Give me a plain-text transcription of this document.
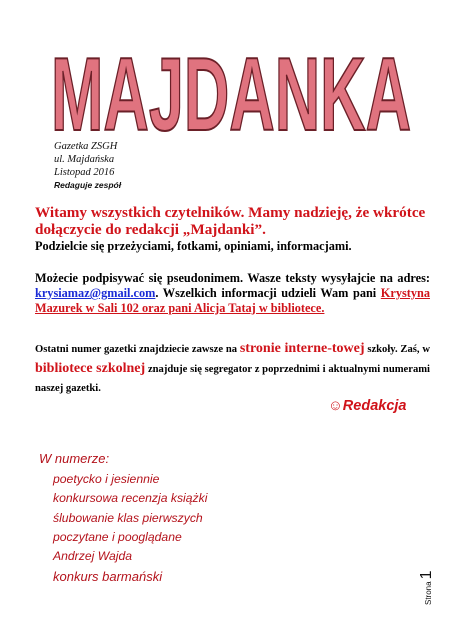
MAJDANKA
Gazetka ZSGH
ul. Majdańska
Listopad 2016
Redaguje zespół
Witamy wszystkich czytelników. Mamy nadzieję, że wkrótce dołączycie do redakcji „Majdanki”.
Podzielcie się przeżyciami, fotkami, opiniami, informacjami.
Możecie podpisywać się pseudonimem. Wasze teksty wysyłajcie na adres: krysiamaz@gmail.com. Wszelkich informacji udzieli Wam pani Krystyna Mazurek w Sali 102 oraz pani Alicja Tataj w bibliotece.
Ostatni numer gazetki znajdziecie zawsze na stronie interne-towej szkoły. Zaś, w bibliotece szkolnej znajduje się segregator z poprzednimi i aktualnymi numerami naszej gazetki.
☺Redakcja
W numerze:
poetycko i jesiennie
konkursowa recenzja książki
ślubowanie klas pierwszych
poczytane i pooglądane
Andrzej Wajda
konkurs barmański
Strona1
